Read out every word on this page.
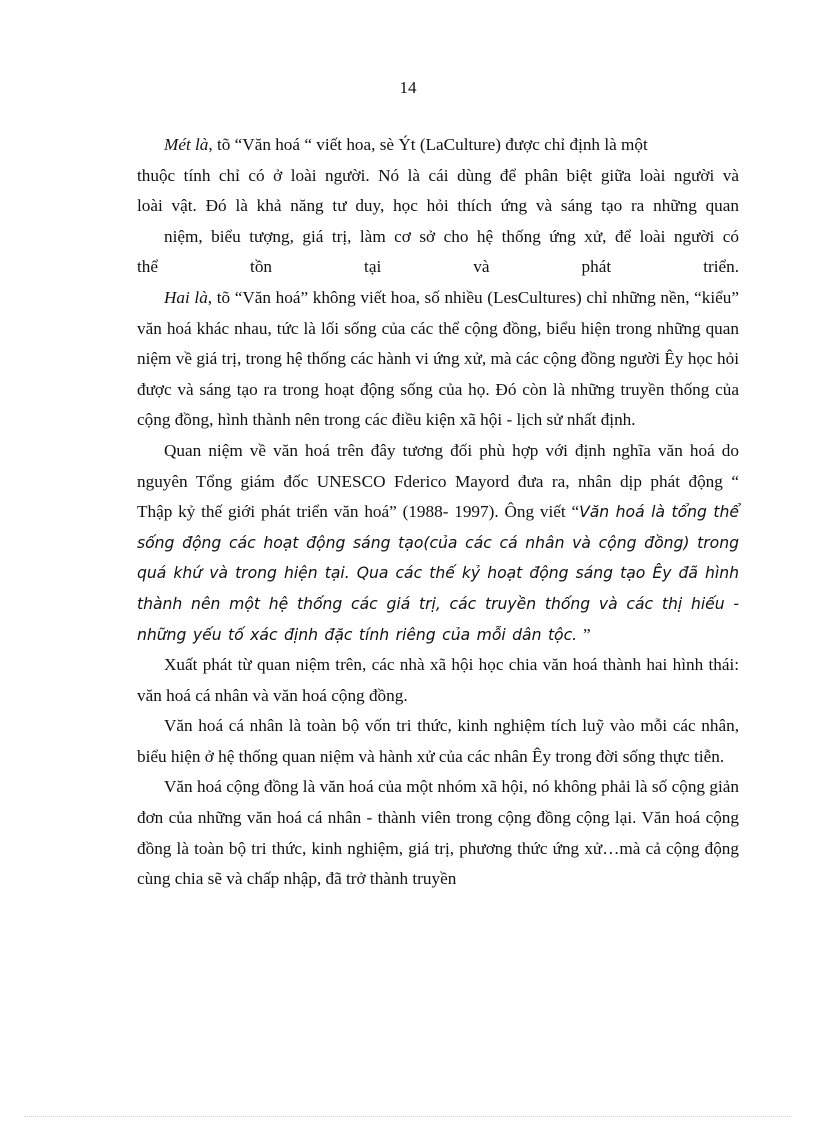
14

Mét là, tõ “Văn hoá “ viết hoa, sè Ýt (LaCulture) được chỉ định là một

thuộc tính chỉ có ở loài người. Nó là cái dùng để phân biệt giữa loài người và

loài vật. Đó là khả năng tư duy, học hỏi thích ứng và sáng tạo ra những quan

niệm, biểu tượng, giá trị, làm cơ sở cho hệ thống ứng xử, để loài người có

thể tồn tại và phát triển.

Hai là, tõ “Văn hoá” không viết hoa, số nhiều (LesCultures) chỉ những nền, “kiểu” văn hoá khác nhau, tức là lối sống của các thể cộng đồng, biểu hiện trong những quan niệm về giá trị, trong hệ thống các hành vi ứng xử, mà các cộng đồng người Êy học hỏi được và sáng tạo ra trong hoạt động sống của họ. Đó còn là những truyền thống của cộng đồng, hình thành nên trong các điều kiện xã hội - lịch sử nhất định.

Quan niệm về văn hoá trên đây tương đối phù hợp với định nghĩa văn hoá do nguyên Tổng giám đốc UNESCO Fderico Mayord đưa ra, nhân dịp phát động “ Thập kỷ thế giới phát triển văn hoá” (1988- 1997). Ông viết “Văn hoá là tổng thể sống động các hoạt động sáng tạo(của các cá nhân và cộng đồng) trong quá khứ và trong hiện tại. Qua các thế kỷ hoạt động sáng tạo Êy đã hình thành nên một hệ thống các giá trị, các truyền thống và các thị hiếu - những yếu tố xác định đặc tính riêng của mỗi dân tộc. ”

Xuất phát từ quan niệm trên, các nhà xã hội học chia văn hoá thành hai hình thái: văn hoá cá nhân và văn hoá cộng đồng.

Văn hoá cá nhân là toàn bộ vốn tri thức, kinh nghiệm tích luỹ vào mỗi các nhân, biểu hiện ở hệ thống quan niệm và hành xử của các nhân Êy trong đời sống thực tiễn.

Văn hoá cộng đồng là văn hoá của một nhóm xã hội, nó không phải là số cộng giản đơn của những văn hoá cá nhân - thành viên trong cộng đồng cộng lại. Văn hoá cộng đồng là toàn bộ tri thức, kinh nghiệm, giá trị, phương thức ứng xử…mà cả cộng động cùng chia sẽ và chấp nhập, đã trở thành truyền
